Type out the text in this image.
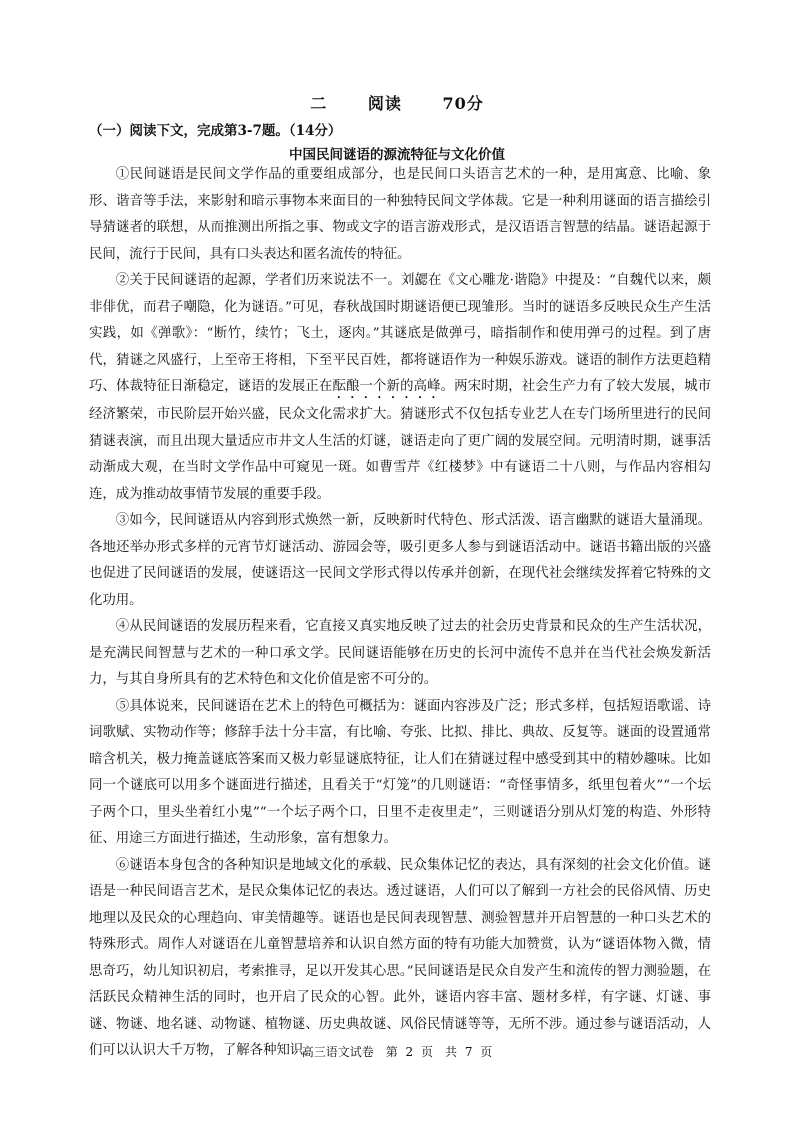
二	阅读	70分
（一）阅读下文，完成第3-7题。（14分）
中国民间谜语的源流特征与文化价值

①民间谜语是民间文学作品的重要组成部分，也是民间口头语言艺术的一种，是用寓意、比喻、象形、谐音等手法，来影射和暗示事物本来面目的一种独特民间文学体裁。它是一种利用谜面的语言描绘引导猜谜者的联想，从而推测出所指之事、物或文字的语言游戏形式，是汉语语言智慧的结晶。谜语起源于民间，流行于民间，具有口头表达和匿名流传的特征。

②关于民间谜语的起源，学者们历来说法不一。刘勰在《文心雕龙·谐隐》中提及：“自魏代以来，颇非俳优，而君子嘲隐，化为谜语。”可见，春秋战国时期谜语便已现雏形。当时的谜语多反映民众生产生活实践，如《弹歌》：“断竹，续竹；飞土，逐肉。”其谜底是做弹弓，暗指制作和使用弹弓的过程。到了唐代，猜谜之风盛行，上至帝王将相，下至平民百姓，都将谜语作为一种娱乐游戏。谜语的制作方法更趋精巧、体裁特征日渐稳定，谜语的发展正在酝酿一个新的高峰。两宋时期，社会生产力有了较大发展，城市经济繁荣，市民阶层开始兴盛，民众文化需求扩大。猜谜形式不仅包括专业艺人在专门场所里进行的民间猜谜表演，而且出现大量适应市井文人生活的灯谜，谜语走向了更广阔的发展空间。元明清时期，谜事活动渐成大观，在当时文学作品中可窥见一斑。如曹雪芹《红楼梦》中有谜语二十八则，与作品内容相勾连，成为推动故事情节发展的重要手段。

③如今，民间谜语从内容到形式焕然一新，反映新时代特色、形式活泼、语言幽默的谜语大量涌现。各地还举办形式多样的元宵节灯谜活动、游园会等，吸引更多人参与到谜语活动中。谜语书籍出版的兴盛也促进了民间谜语的发展，使谜语这一民间文学形式得以传承并创新，在现代社会继续发挥着它特殊的文化功用。

④从民间谜语的发展历程来看，它直接又真实地反映了过去的社会历史背景和民众的生产生活状况，是充满民间智慧与艺术的一种口承文学。民间谜语能够在历史的长河中流传不息并在当代社会焕发新活力，与其自身所具有的艺术特色和文化价值是密不可分的。

⑤具体说来，民间谜语在艺术上的特色可概括为：谜面内容涉及广泛；形式多样，包括短语歌谣、诗词歌赋、实物动作等；修辞手法十分丰富，有比喻、夸张、比拟、排比、典故、反复等。谜面的设置通常暗含机关，极力掩盖谜底答案而又极力彰显谜底特征，让人们在猜谜过程中感受到其中的精妙趣味。比如同一个谜底可以用多个谜面进行描述，且看关于“灯笼”的几则谜语：“奇怪事情多，纸里包着火”“一个坛子两个口，里头坐着红小鬼”“一个坛子两个口，日里不走夜里走”，三则谜语分别从灯笼的构造、外形特征、用途三方面进行描述，生动形象，富有想象力。

⑥谜语本身包含的各种知识是地域文化的承载、民众集体记忆的表达，具有深刻的社会文化价值。谜语是一种民间语言艺术，是民众集体记忆的表达。透过谜语，人们可以了解到一方社会的民俗风情、历史地理以及民众的心理趋向、审美情趣等。谜语也是民间表现智慧、测验智慧并开启智慧的一种口头艺术的特殊形式。周作人对谜语在儿童智慧培养和认识自然方面的特有功能大加赞赏，认为“谜语体物入微，情思奇巧，幼儿知识初启，考索推寻，足以开发其心思。”民间谜语是民众自发产生和流传的智力测验题，在活跃民众精神生活的同时，也开启了民众的心智。此外，谜语内容丰富、题材多样，有字谜、灯谜、事谜、物谜、地名谜、动物谜、植物谜、历史典故谜、风俗民情谜等等，无所不涉。通过参与谜语活动，人们可以认识大千万物，了解各种知识。

高三语文试卷　第 2 页　共 7 页
